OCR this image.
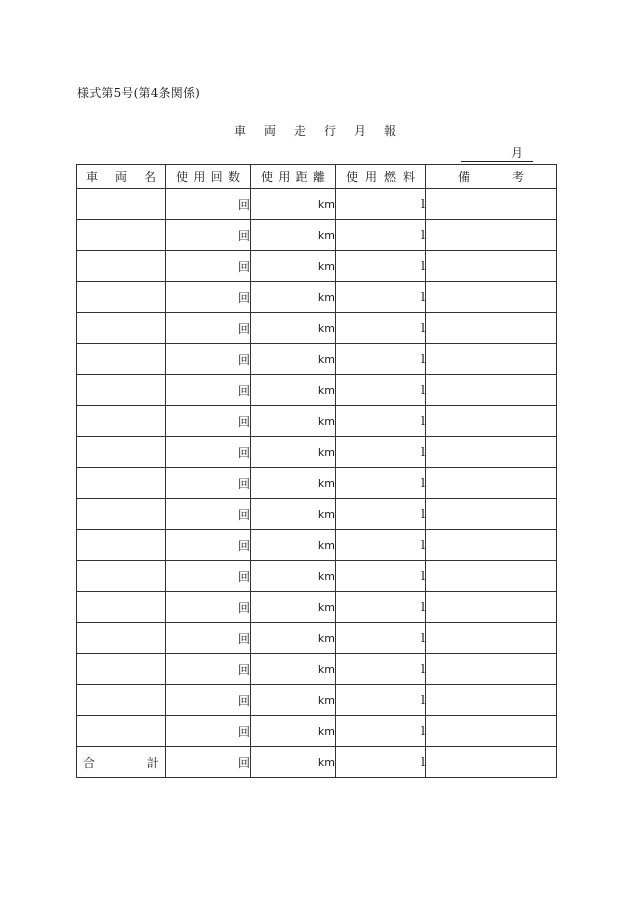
様式第5号(第4条関係)
車 両 走 行 月 報
月
車 両 名	使 用 回 数	使 用 距 離	使 用 燃 料	備 考

	回	km	l	
	回	km	l	
	回	km	l	
	回	km	l	
	回	km	l	
	回	km	l	
	回	km	l	
	回	km	l	
	回	km	l	
	回	km	l	
	回	km	l	
	回	km	l	
	回	km	l	
	回	km	l	
	回	km	l	
	回	km	l	
	回	km	l	
	回	km	l	

合 計	回	km	l	
